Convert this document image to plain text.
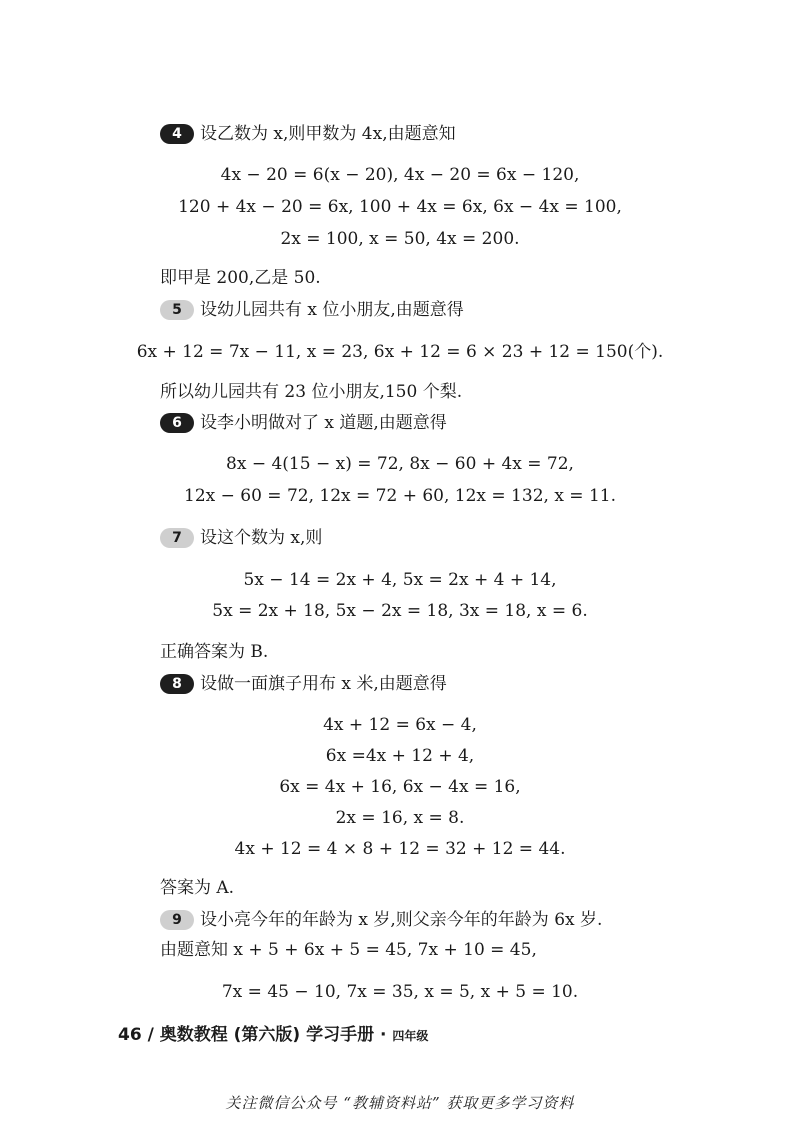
4	设乙数为 x,则甲数为 4x,由题意知
4x − 20 = 6(x − 20), 4x − 20 = 6x − 120,
120 + 4x − 20 = 6x, 100 + 4x = 6x, 6x − 4x = 100,
2x = 100, x = 50, 4x = 200.
即甲是 200,乙是 50.
5	设幼儿园共有 x 位小朋友,由题意得
6x + 12 = 7x − 11, x = 23, 6x + 12 = 6 × 23 + 12 = 150(个).
所以幼儿园共有 23 位小朋友,150 个梨.
6	设李小明做对了 x 道题,由题意得
8x − 4(15 − x) = 72, 8x − 60 + 4x = 72,
12x − 60 = 72, 12x = 72 + 60, 12x = 132, x = 11.
7	设这个数为 x,则
5x − 14 = 2x + 4, 5x = 2x + 4 + 14,
5x = 2x + 18, 5x − 2x = 18, 3x = 18, x = 6.
正确答案为 B.
8	设做一面旗子用布 x 米,由题意得
4x + 12 = 6x − 4,
6x =4x + 12 + 4,
6x = 4x + 16, 6x − 4x = 16,
2x = 16, x = 8.
4x + 12 = 4 × 8 + 12 = 32 + 12 = 44.
答案为 A.
9	设小亮今年的年龄为 x 岁,则父亲今年的年龄为 6x 岁.
由题意知 x + 5 + 6x + 5 = 45, 7x + 10 = 45,
7x = 45 − 10, 7x = 35, x = 5, x + 5 = 10.
46 / 奥数教程 (第六版) 学习手册 · 四年级
关注微信公众号 “教辅资料站” 获取更多学习资料
